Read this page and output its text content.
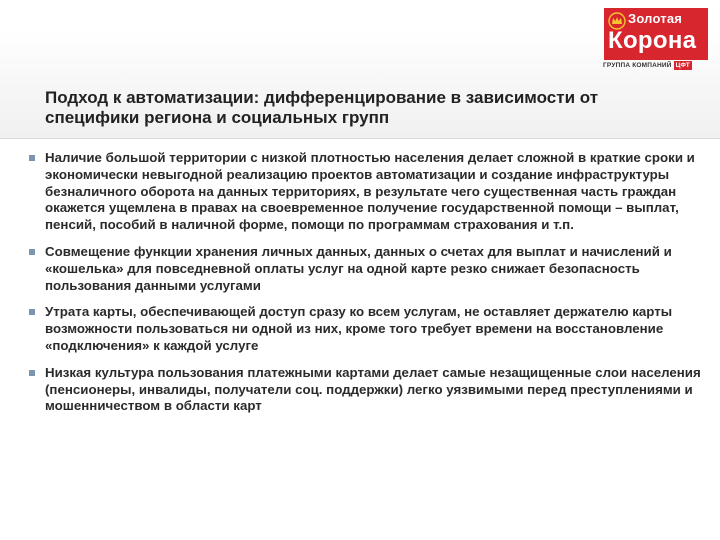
Золотая
Корона
ГРУППА КОМПАНИЙ ЦФТ
Подход к автоматизации: дифференцирование в зависимости от специфики региона и социальных групп
Наличие большой территории с низкой плотностью населения делает сложной в краткие сроки и экономически невыгодной реализацию проектов автоматизации и создание инфраструктуры безналичного оборота на данных территориях, в результате чего существенная часть граждан окажется ущемлена в правах на своевременное получение государственной помощи – выплат, пенсий, пособий в наличной форме, помощи по программам страхования и т.п.
Совмещение функции хранения личных данных, данных о счетах для выплат и начислений и «кошелька» для повседневной оплаты услуг на одной карте резко снижает безопасность пользования данными услугами
Утрата карты, обеспечивающей доступ сразу ко всем услугам, не оставляет держателю карты возможности пользоваться ни одной из них, кроме того требует времени на восстановление «подключения» к каждой услуге
Низкая культура пользования платежными картами делает самые незащищенные слои населения (пенсионеры, инвалиды, получатели соц. поддержки) легко уязвимыми перед преступлениями и мошенничеством в области карт
